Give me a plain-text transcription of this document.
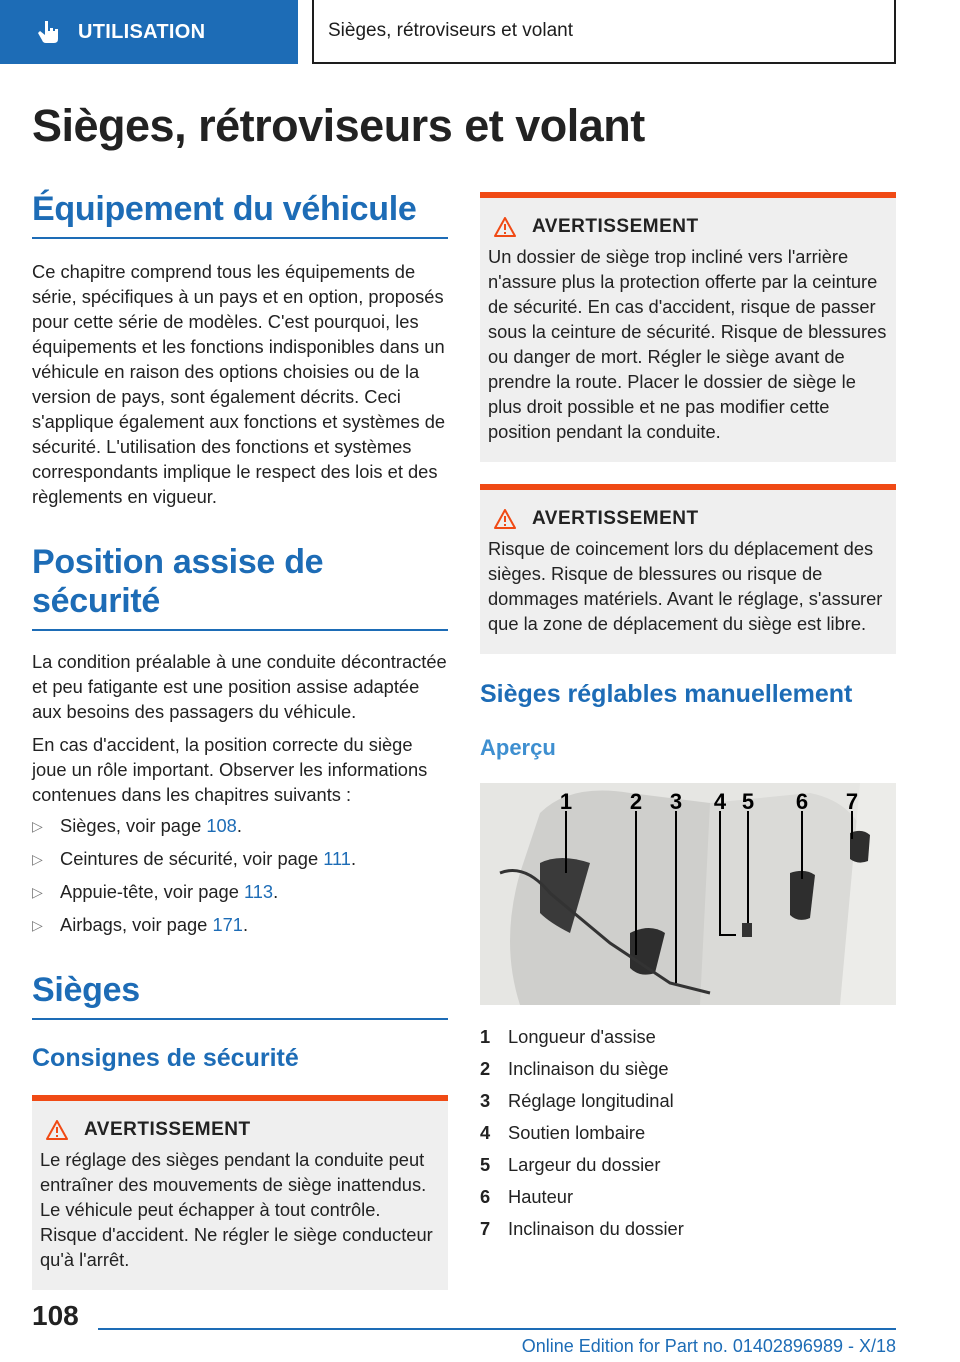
UTILISATION	Sièges, rétroviseurs et volant
Sièges, rétroviseurs et volant
Équipement du véhicule

Ce chapitre comprend tous les équipements de série, spécifiques à un pays et en option, proposés pour cette série de modèles. C'est pourquoi, les équipements et les fonctions indisponibles dans un véhicule en raison des options choisies ou de la version de pays, sont également décrits. Ceci s'applique également aux fonctions et systèmes de sécurité. L'utilisation des fonctions et systèmes correspondants implique le respect des lois et des règlements en vigueur.

Position assise de sécurité

La condition préalable à une conduite décontractée et peu fatigante est une position assise adaptée aux besoins des passagers du véhicule.

En cas d'accident, la position correcte du siège joue un rôle important. Observer les informations contenues dans les chapitres suivants :

▷ Sièges, voir page 108.
▷ Ceintures de sécurité, voir page 111.
▷ Appuie-tête, voir page 113.
▷ Airbags, voir page 171.
Sièges
Consignes de sécurité
AVERTISSEMENT

Le réglage des sièges pendant la conduite peut entraîner des mouvements de siège inattendus. Le véhicule peut échapper à tout contrôle. Risque d'accident. Ne régler le siège conducteur qu'à l'arrêt.

AVERTISSEMENT

Un dossier de siège trop incliné vers l'arrière n'assure plus la protection offerte par la ceinture de sécurité. En cas d'accident, risque de passer sous la ceinture de sécurité. Risque de blessures ou danger de mort. Régler le siège avant de prendre la route. Placer le dossier de siège le plus droit possible et ne pas modifier cette position pendant la conduite.

AVERTISSEMENT

Risque de coincement lors du déplacement des sièges. Risque de blessures ou risque de dommages matériels. Avant le réglage, s'assurer que la zone de déplacement du siège est libre.

Sièges réglables manuellement
Aperçu
1	2 3 4 5 6 7
1 Longueur d'assise
2 Inclinaison du siège
3 Réglage longitudinal
4 Soutien lombaire
5 Largeur du dossier
6 Hauteur
7 Inclinaison du dossier
108
Online Edition for Part no. 01402896989 - X/18
